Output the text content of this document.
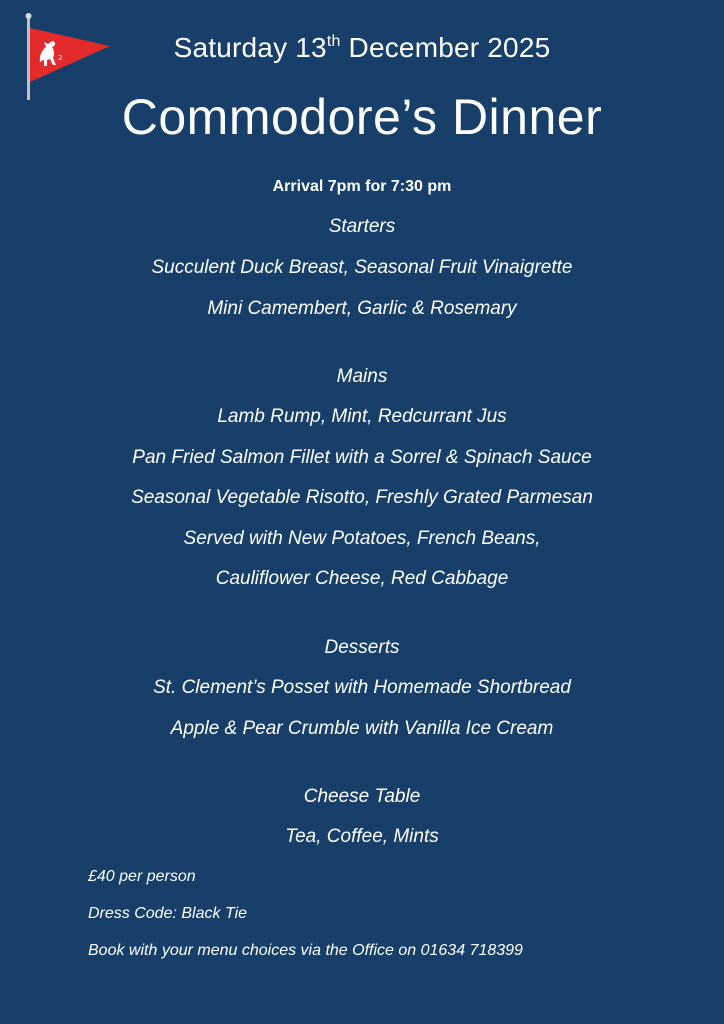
2	Saturday 13th December 2025
Commodore’s Dinner
Arrival 7pm for 7:30 pm
Starters
Succulent Duck Breast, Seasonal Fruit Vinaigrette
Mini Camembert, Garlic & Rosemary
Mains
Lamb Rump, Mint, Redcurrant Jus
Pan Fried Salmon Fillet with a Sorrel & Spinach Sauce
Seasonal Vegetable Risotto, Freshly Grated Parmesan
Served with New Potatoes, French Beans,
Cauliflower Cheese, Red Cabbage
Desserts
St. Clement’s Posset with Homemade Shortbread
Apple & Pear Crumble with Vanilla Ice Cream
Cheese Table
Tea, Coffee, Mints
£40 per person
Dress Code: Black Tie
Book with your menu choices via the Office on 01634 718399
